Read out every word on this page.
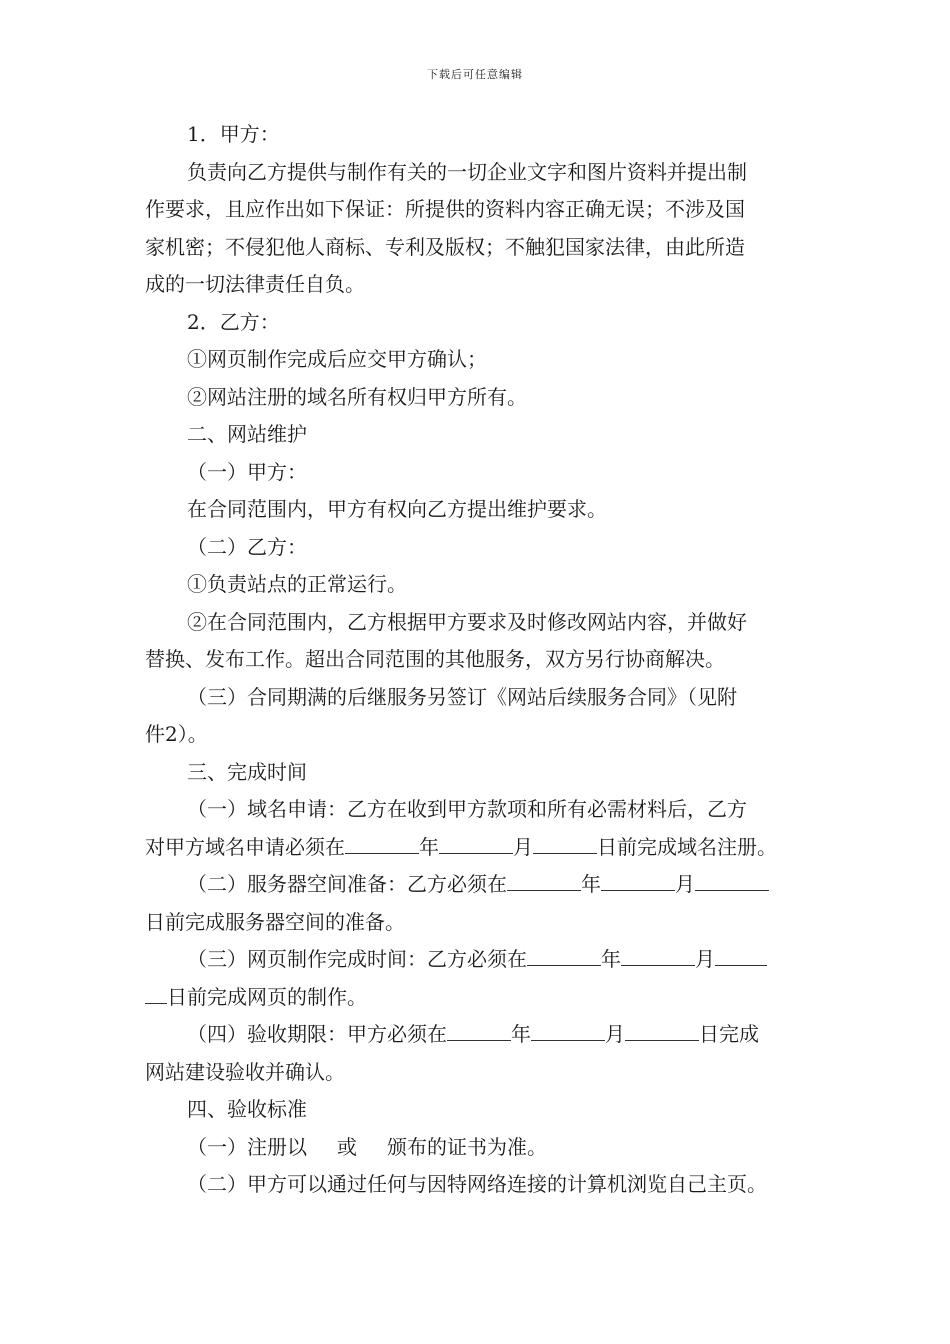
下载后可任意编辑

1．甲方：

负责向乙方提供与制作有关的一切企业文字和图片资料并提出制

作要求，且应作出如下保证：所提供的资料内容正确无误；不涉及国

家机密；不侵犯他人商标、专利及版权；不触犯国家法律，由此所造

成的一切法律责任自负。

2．乙方：

①网页制作完成后应交甲方确认；

②网站注册的域名所有权归甲方所有。

二、网站维护

（一）甲方：

在合同范围内，甲方有权向乙方提出维护要求。

（二）乙方：

①负责站点的正常运行。

②在合同范围内，乙方根据甲方要求及时修改网站内容，并做好

替换、发布工作。超出合同范围的其他服务，双方另行协商解决。

（三）合同期满的后继服务另签订《网站后续服务合同》（见附

件2）。

三、完成时间

（一）域名申请：乙方在收到甲方款项和所有必需材料后，乙方

对甲方域名申请必须在	年	月	日前完成域名注册。

（二）服务器空间准备：乙方必须在	年	月

日前完成服务器空间的准备。

（三）网页制作完成时间：乙方必须在	年	月

日前完成网页的制作。

（四）验收期限：甲方必须在	年	月	日完成

网站建设验收并确认。

四、验收标准

（一）注册以 或 颁布的证书为准。

（二）甲方可以通过任何与因特网络连接的计算机浏览自己主页。
